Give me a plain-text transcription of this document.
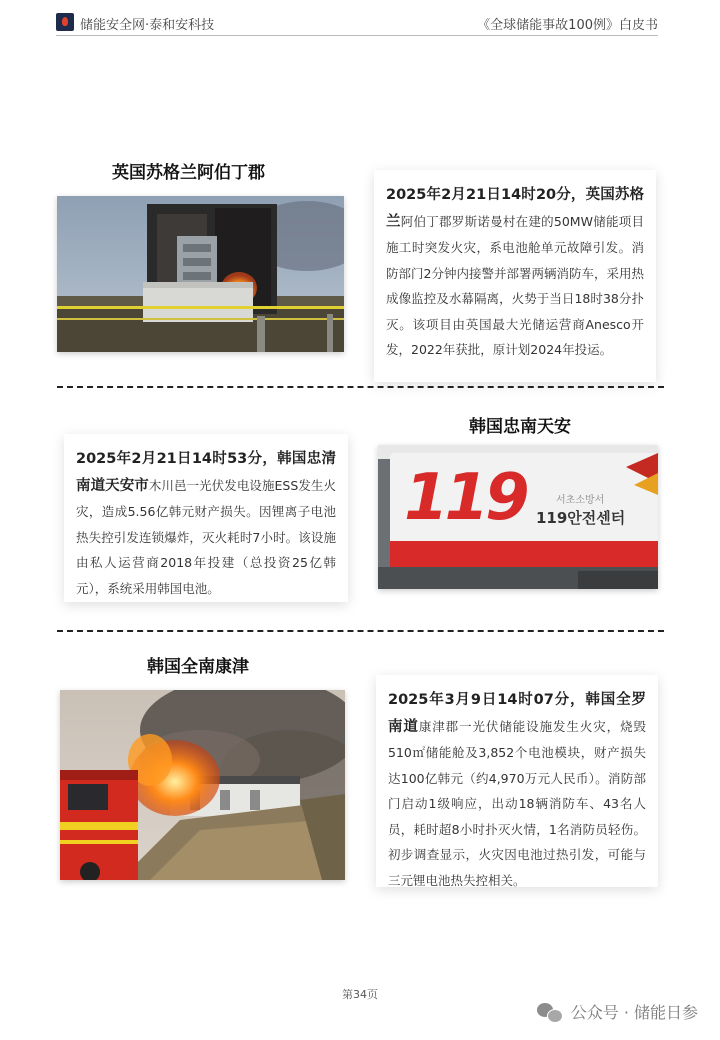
储能安全网·泰和安科技	《全球储能事故100例》白皮书
英国苏格兰阿伯丁郡
2025年2月21日14时20分，英国苏格兰阿伯丁郡罗斯诺曼村在建的50MW储能项目施工时突发火灾，系电池舱单元故障引发。消防部门2分钟内接警并部署两辆消防车，采用热成像监控及水幕隔离，火势于当日18时38分扑灭。该项目由英国最大光储运营商Anesco开发，2022年获批，原计划2024年投运。
韩国忠南天安
2025年2月21日14时53分，韩国忠清南道天安市木川邑一光伏发电设施ESS发生火灾，造成5.56亿韩元财产损失。因锂离子电池热失控引发连锁爆炸，灭火耗时7小时。该设施由私人运营商2018年投建（总投资25亿韩元），系统采用韩国电池。
119	서초소방서
119안전센터
韩国全南康津
2025年3月9日14时07分，韩国全罗南道康津郡一光伏储能设施发生火灾，烧毁510㎡储能舱及3,852个电池模块，财产损失达100亿韩元（约4,970万元人民币）。消防部门启动1级响应，出动18辆消防车、43名人员，耗时超8小时扑灭火情，1名消防员轻伤。初步调查显示，火灾因电池过热引发，可能与三元锂电池热失控相关。
第34页
公众号 · 储能日参
